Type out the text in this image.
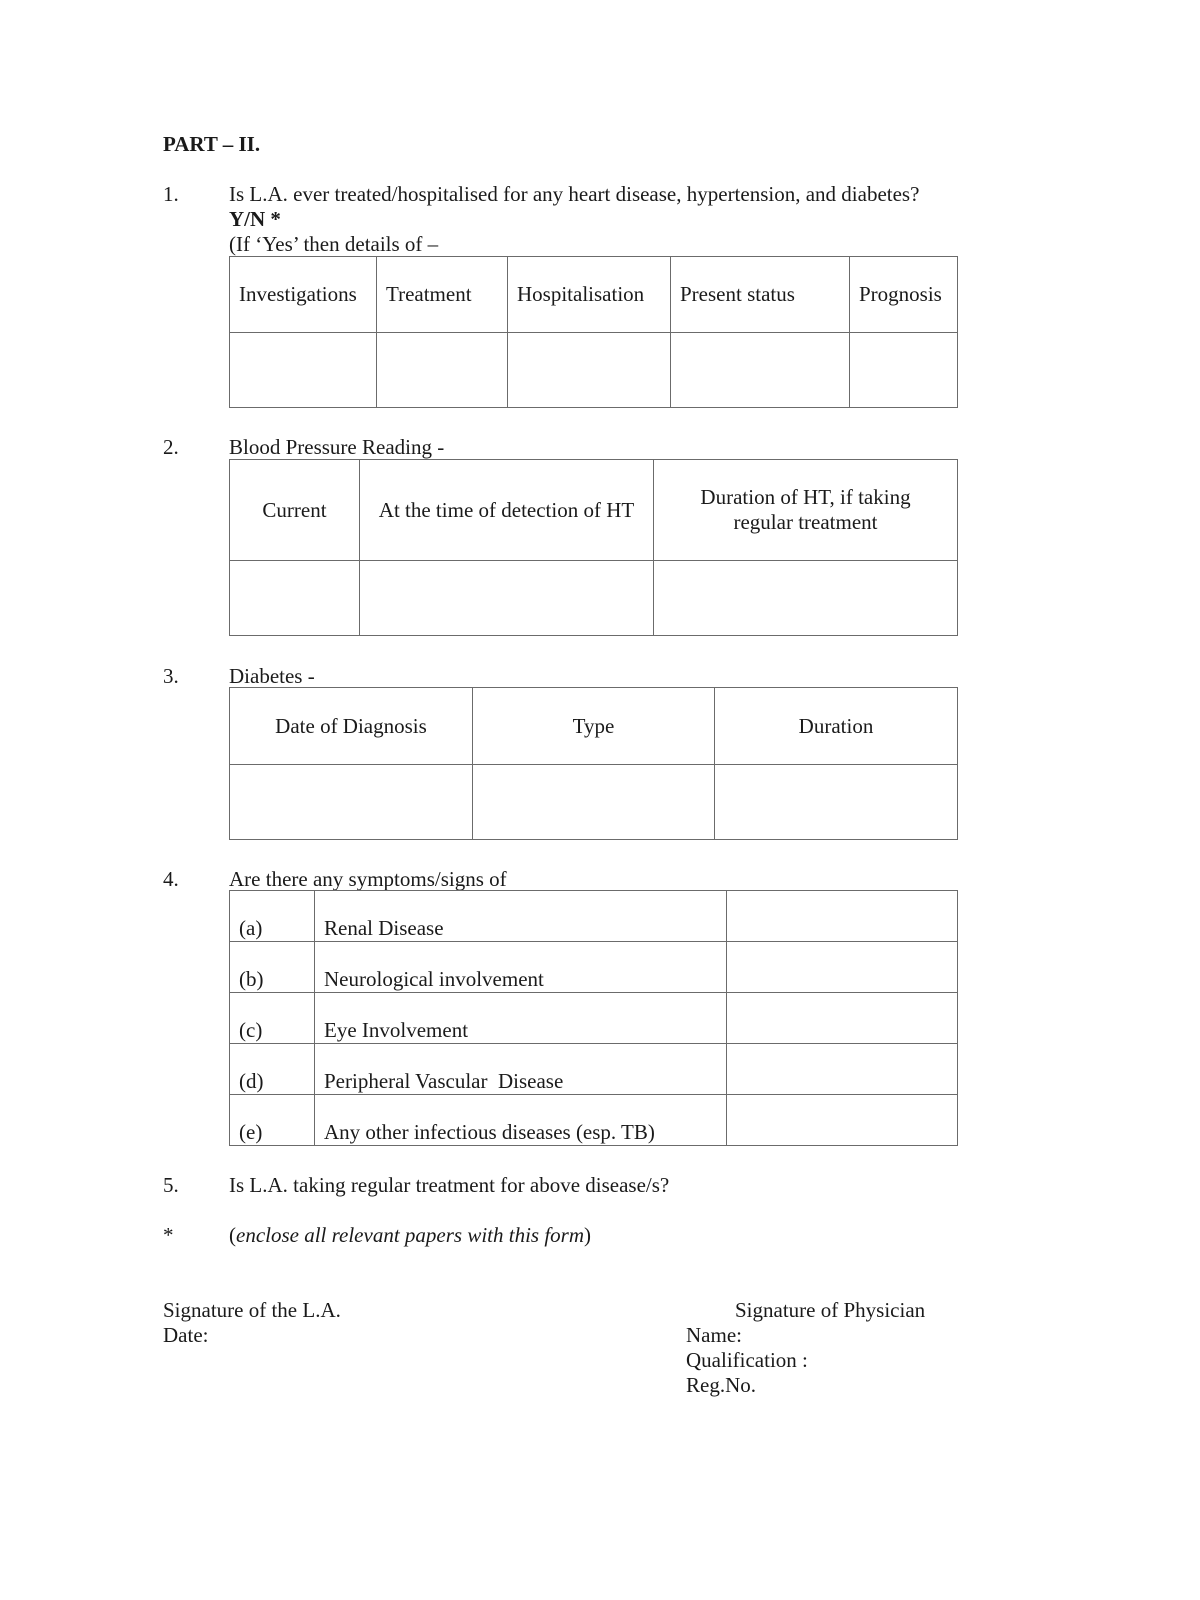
PART – II.
1. Is L.A. ever treated/hospitalised for any heart disease, hypertension, and diabetes?
Y/N *
(If ‘Yes’ then details of –
Investigations	Treatment	Hospitalisation	Present status	Prognosis

2. Blood Pressure Reading -
Current	At the time of detection of HT	Duration of HT, if taking regular treatment

3. Diabetes -
Date of Diagnosis	Type	Duration

4. Are there any symptoms/signs of
(a)	Renal Disease	
(b)	Neurological involvement	
(c)	Eye Involvement	
(d)	Peripheral Vascular  Disease	
(e)	Any other infectious diseases (esp. TB)	
5. Is L.A. taking regular treatment for above disease/s?
*	(enclose all relevant papers with this form)
Signature of the L.A.
Date:
Signature of Physician
Name:
Qualification :
Reg.No.
